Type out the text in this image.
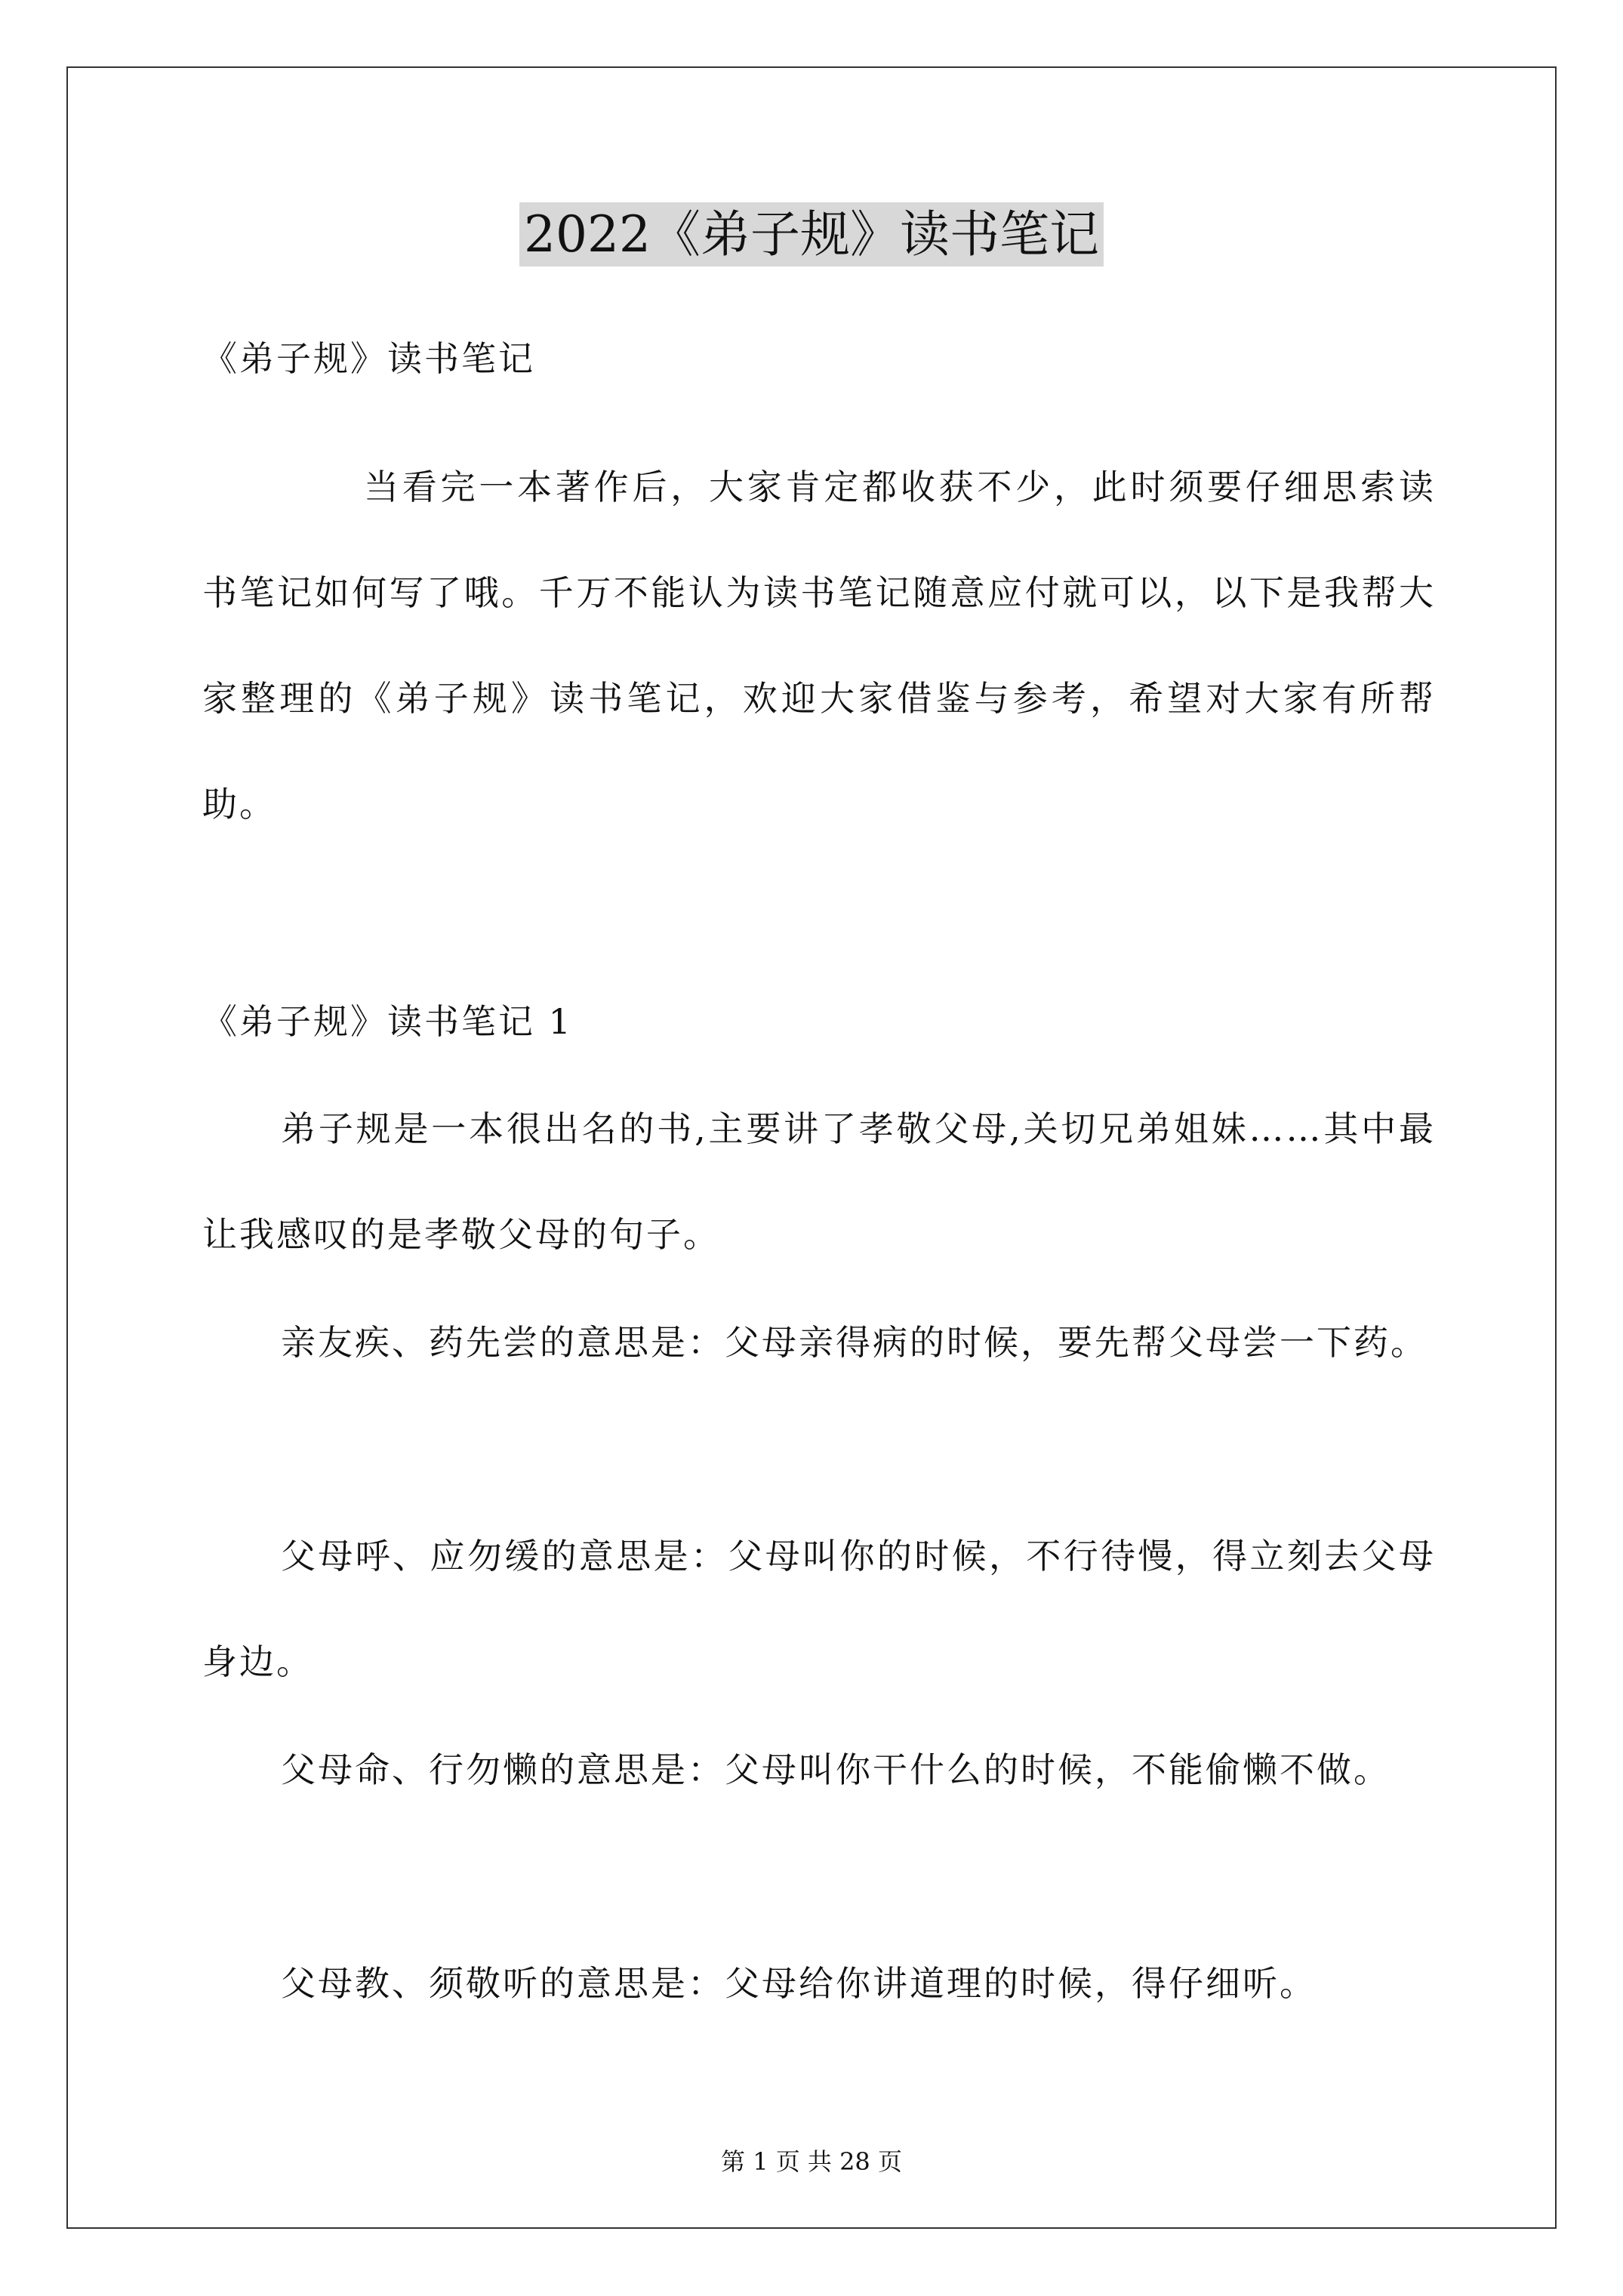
2022《弟子规》读书笔记

《弟子规》读书笔记

当看完一本著作后，大家肯定都收获不少，此时须要仔细思索读书笔记如何写了哦。千万不能认为读书笔记随意应付就可以，以下是我帮大家整理的《弟子规》读书笔记，欢迎大家借鉴与参考，希望对大家有所帮助。

《弟子规》读书笔记 1

弟子规是一本很出名的书,主要讲了孝敬父母,关切兄弟姐妹……其中最让我感叹的是孝敬父母的句子。

亲友疾、药先尝的意思是：父母亲得病的时候，要先帮父母尝一下药。

父母呼、应勿缓的意思是：父母叫你的时候，不行待慢，得立刻去父母身边。

父母命、行勿懒的意思是：父母叫你干什么的时候，不能偷懒不做。

父母教、须敬听的意思是：父母给你讲道理的时候，得仔细听。

第 1 页 共 28 页
